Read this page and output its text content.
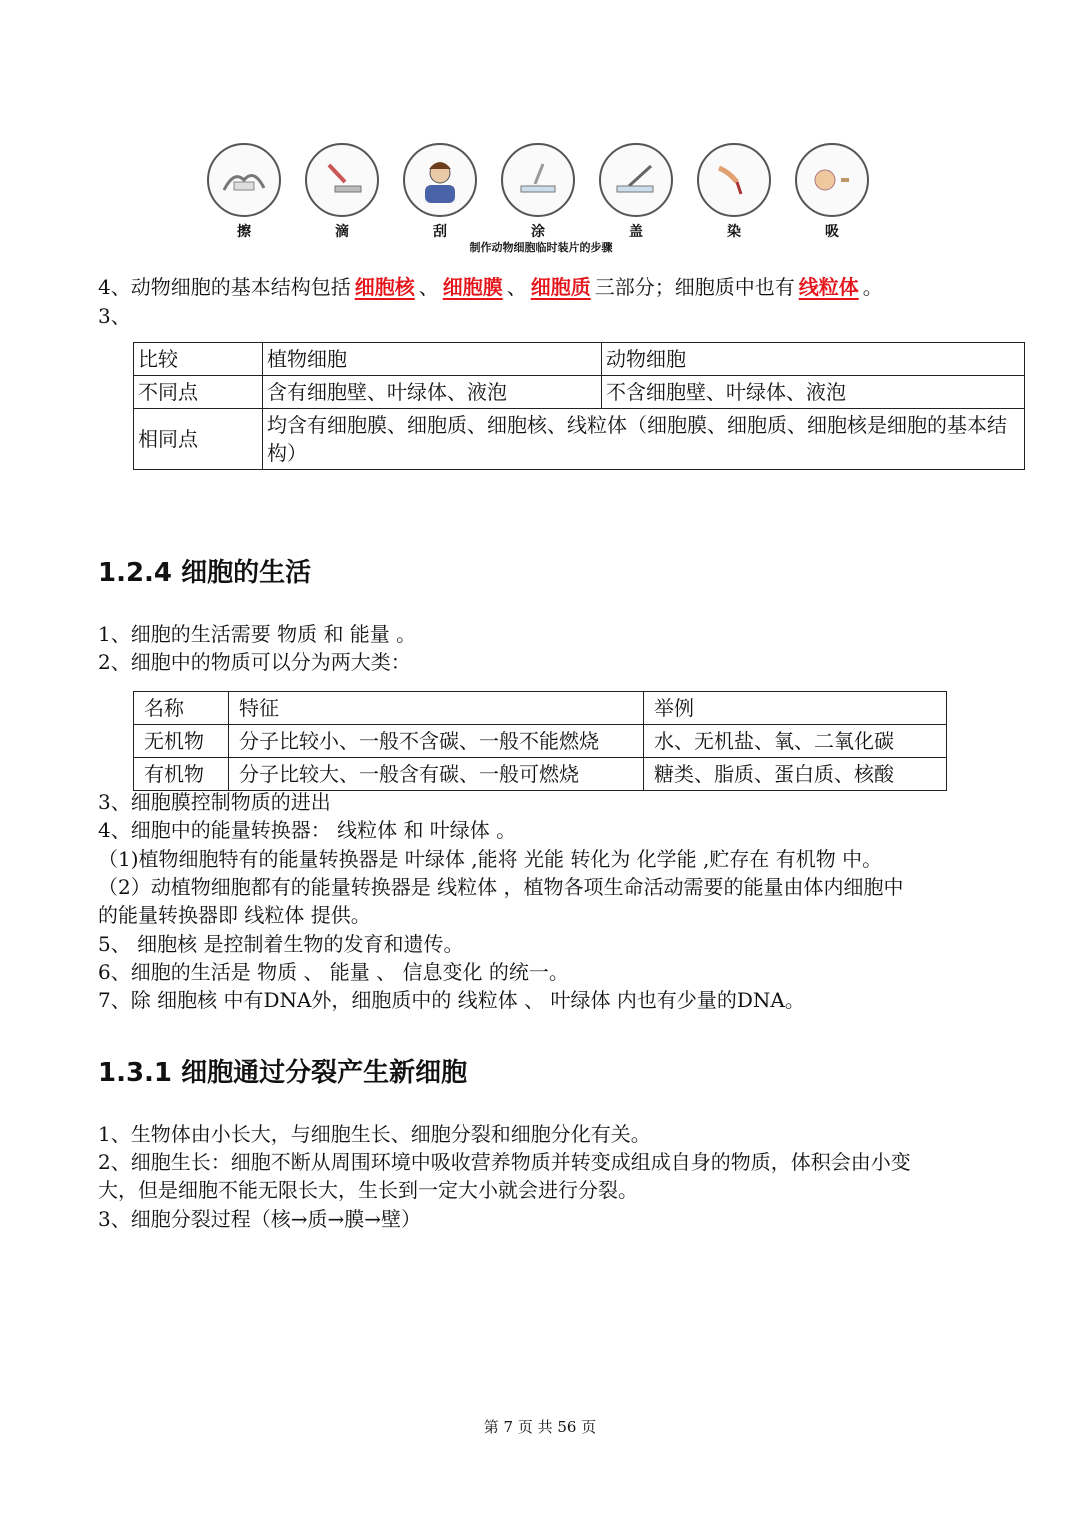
擦	滴	刮	涂	盖	染	吸
制作动物细胞临时装片的步骤
4、动物细胞的基本结构包括 细胞核 、 细胞膜 、 细胞质 三部分；细胞质中也有 线粒体 。
3、
比较	植物细胞	动物细胞
不同点	含有细胞壁、叶绿体、液泡	不含细胞壁、叶绿体、液泡
相同点	均含有细胞膜、细胞质、细胞核、线粒体（细胞膜、细胞质、细胞核是细胞的基本结构）	
1.2.4 细胞的生活
1、细胞的生活需要 物质 和 能量 。
2、细胞中的物质可以分为两大类：
名称	特征	举例
无机物	分子比较小、一般不含碳、一般不能燃烧	水、无机盐、氧、二氧化碳
有机物	分子比较大、一般含有碳、一般可燃烧	糖类、脂质、蛋白质、核酸
3、细胞膜控制物质的进出
4、细胞中的能量转换器： 线粒体 和 叶绿体 。
（1)植物细胞特有的能量转换器是 叶绿体 ,能将 光能 转化为 化学能 ,贮存在 有机物 中。
（2）动植物细胞都有的能量转换器是 线粒体 ，植物各项生命活动需要的能量由体内细胞中
的能量转换器即 线粒体 提供。
5、 细胞核 是控制着生物的发育和遗传。
6、细胞的生活是 物质 、 能量 、 信息变化 的统一。
7、除 细胞核 中有DNA外，细胞质中的 线粒体 、 叶绿体 内也有少量的DNA。
1.3.1 细胞通过分裂产生新细胞
1、生物体由小长大，与细胞生长、细胞分裂和细胞分化有关。
2、细胞生长：细胞不断从周围环境中吸收营养物质并转变成组成自身的物质，体积会由小变
大，但是细胞不能无限长大，生长到一定大小就会进行分裂。
3、细胞分裂过程（核→质→膜→壁）
第 7 页 共 56 页
